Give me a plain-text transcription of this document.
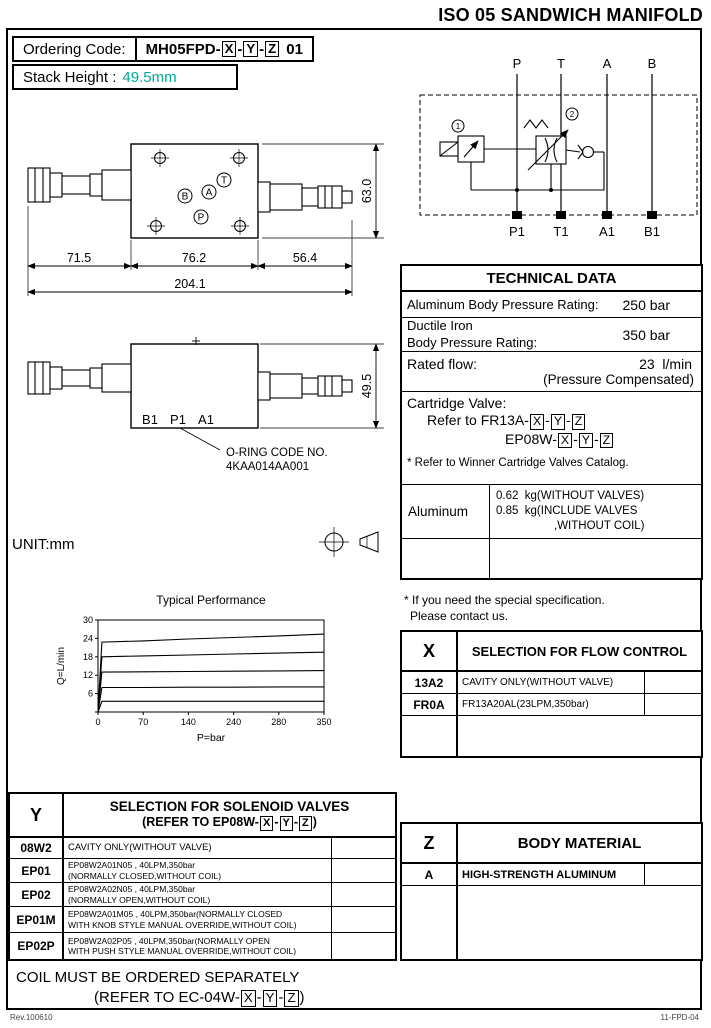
ISO 05 SANDWICH MANIFOLD
Ordering Code:	MH05FPD- X - Y - Z 01
Stack Height : 49.5mm
P	T	A	B
P1 T1 A1 B1
1
2
71.5	76.2	56.4
204.1
63.0
T
B A
P
49.5
B1 P1 A1
O-RING CODE NO.
4KAA014AA001
UNIT:mm
Typical Performance
Q=L/min
P=bar
0	70	140	240	280	350
6
12
18
24
30
TECHNICAL DATA
Aluminum Body Pressure Rating: 250 bar
Ductile Iron
Body Pressure Rating:	350 bar
Rated flow:	23  l/min
(Pressure Compensated)
Cartridge Valve:
Refer to FR13A- X - Y - Z
EP08W- X - Y - Z
* Refer to Winner Cartridge Valves Catalog.
Aluminum
0.62  kg(WITHOUT VALVES)
0.85  kg(INCLUDE VALVES
,WITHOUT COIL)
* If you need the special specification.
Please contact us.
X	SELECTION FOR FLOW CONTROL
13A2	CAVITY ONLY(WITHOUT VALVE)
FR0A	FR13A20AL(23LPM,350bar)
Z	BODY MATERIAL
A	HIGH-STRENGTH ALUMINUM
Y	SELECTION FOR SOLENOID VALVES
(REFER TO EP08W- X - Y - Z )
08W2	CAVITY ONLY(WITHOUT VALVE)
EP01	EP08W2A01N05 , 40LPM,350bar
(NORMALLY CLOSED,WITHOUT COIL)
EP02	EP08W2A02N05 , 40LPM,350bar
(NORMALLY OPEN,WITHOUT COIL)
EP01M	EP08W2A01M05 , 40LPM,350bar(NORMALLY CLOSED
WITH KNOB STYLE MANUAL OVERRIDE,WITHOUT COIL)
EP02P	EP08W2A02P05 , 40LPM,350bar(NORMALLY OPEN
WITH PUSH STYLE MANUAL OVERRIDE,WITHOUT COIL)
COIL MUST BE ORDERED SEPARATELY
(REFER TO EC-04W- X - Y - Z )
Rev.100610	11-FPD-04
